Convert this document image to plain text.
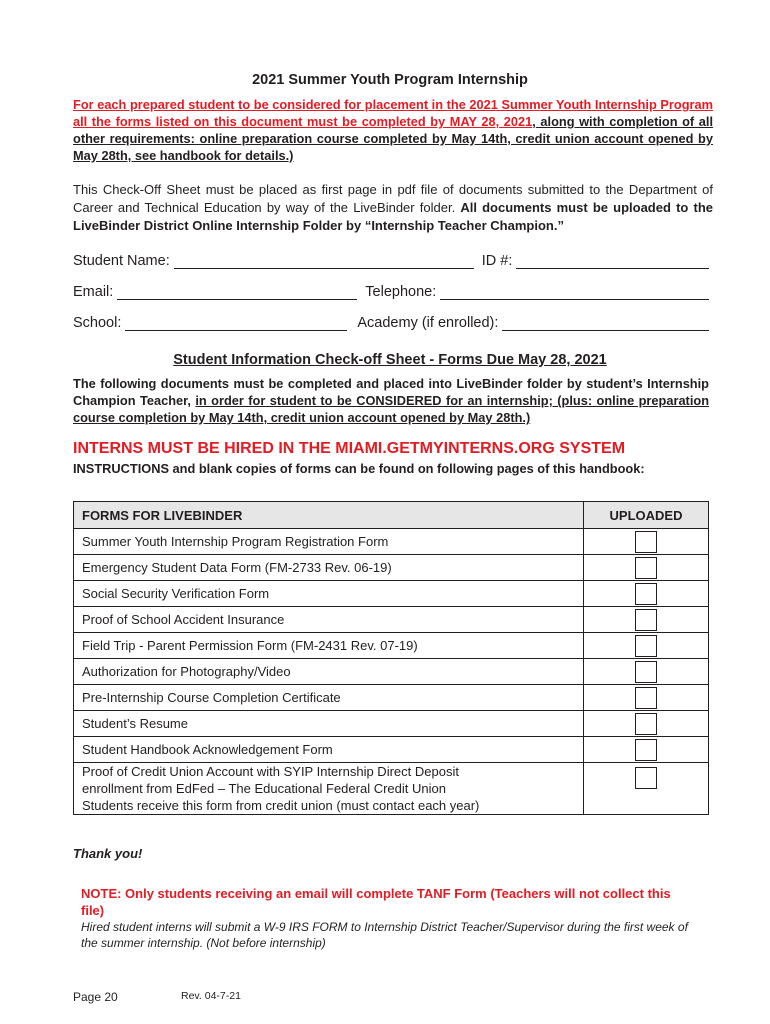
2021 Summer Youth Program Internship
For each prepared student to be considered for placement in the 2021 Summer Youth Internship Program all the forms listed on this document must be completed by MAY 28, 2021, along with completion of all other requirements: online preparation course completed by May 14th, credit union account opened by May 28th, see handbook for details.)
This Check-Off Sheet must be placed as first page in pdf file of documents submitted to the Department of Career and Technical Education by way of the LiveBinder folder. All documents must be uploaded to the LiveBinder District Online Internship Folder by “Internship Teacher Champion.”
Student Name:	ID #:
Email:	Telephone:
School:	Academy (if enrolled):
Student Information Check-off Sheet - Forms Due May 28, 2021
The following documents must be completed and placed into LiveBinder folder by student’s Internship Champion Teacher, in order for student to be CONSIDERED for an internship; (plus: online preparation course completion by May 14th, credit union account opened by May 28th.)
INTERNS MUST BE HIRED IN THE MIAMI.GETMYINTERNS.ORG SYSTEM
INSTRUCTIONS and blank copies of forms can be found on following pages of this handbook:
FORMS FOR LIVEBINDER	UPLOADED
Summer Youth Internship Program Registration Form	
Emergency Student Data Form (FM-2733 Rev. 06-19)	
Social Security Verification Form	
Proof of School Accident Insurance	
Field Trip - Parent Permission Form (FM-2431 Rev. 07-19)	
Authorization for Photography/Video	
Pre-Internship Course Completion Certificate	
Student’s Resume	
Student Handbook Acknowledgement Form	

Proof of Credit Union Account with SYIP Internship Direct Deposit
enrollment from EdFed – The Educational Federal Credit Union
Students receive this form from credit union (must contact each year)	

Thank you!
NOTE: Only students receiving an email will complete TANF Form (Teachers will not collect this file)
Hired student interns will submit a W-9 IRS FORM to Internship District Teacher/Supervisor during the first week of the summer internship. (Not before internship)
Page 20	Rev. 04-7-21
